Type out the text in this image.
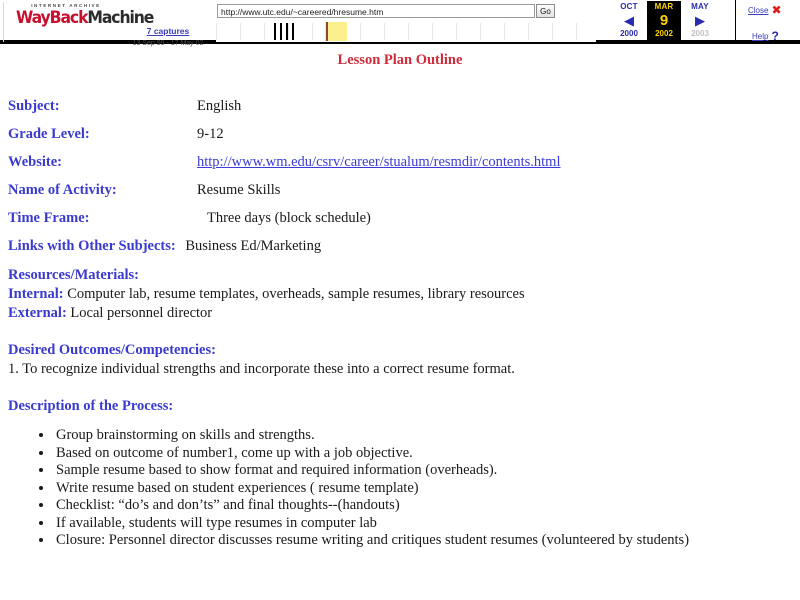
INTERNET ARCHIVE
WayBackMachine
7 captures
13 Sep 99 - 17 May 02
http://www.utc.edu/~careered/hresume.htm	Go
OCT
◀
2000
MAR
9
2002
MAY
▶
2003
Close ✖
Help ?
Lesson Plan Outline
Subject:	English
Grade Level:	9-12
Website:	http://www.wm.edu/csrv/career/stualum/resmdir/contents.html
Name of Activity:	Resume Skills
Time Frame:	Three days (block schedule)
Links with Other Subjects: Business Ed/Marketing
Resources/Materials:
Internal: Computer lab, resume templates, overheads, sample resumes, library resources
External: Local personnel director
Desired Outcomes/Competencies:
1. To recognize individual strengths and incorporate these into a correct resume format.
Description of the Process:
• Group brainstorming on skills and strengths.
• Based on outcome of number1, come up with a job objective.
• Sample resume based to show format and required information (overheads).
• Write resume based on student experiences ( resume template)
• Checklist: “do’s and don’ts” and final thoughts--(handouts)
• If available, students will type resumes in computer lab
• Closure: Personnel director discusses resume writing and critiques student resumes (volunteered by students)
